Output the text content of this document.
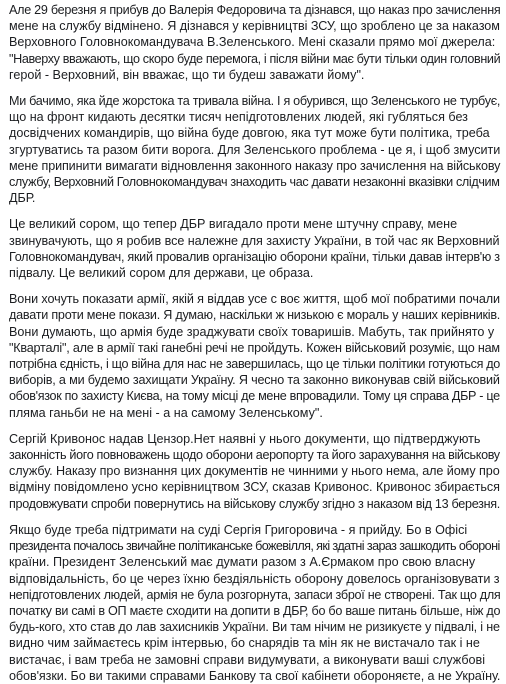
Але 29 березня я прибув до Валерія Федоровича та дізнався, що наказ про зачислення
мене на службу відмінено. Я дізнався у керівництві ЗСУ, що зроблено це за наказом
Верховного Головнокомандувача В.Зеленського. Мені сказали прямо мої джерела:
"Наверху вважають, що скоро буде перемога, і після війни має бути тільки один головний
герой - Верховний, він вважає, що ти будеш заважати йому".
Ми бачимо, яка йде жорстока та тривала війна. І я обурився, що Зеленського не турбує,
що на фронт кидають десятки тисяч непідготовлених людей, які губляться без
досвідчених командирів, що війна буде довгою, яка тут може бути політика, треба
згуртуватись та разом бити ворога. Для Зеленського проблема - це я, і щоб змусити
мене припинити вимагати відновлення законного наказу про зачислення на військову
службу, Верховний Головнокомандувач знаходить час давати незаконні вказівки слідчим
ДБР.
Це великий сором, що тепер ДБР вигадало проти мене штучну справу, мене
звинувачують, що я робив все належне для захисту України, в той час як Верховний
Головнокомандувач, який провалив організацію оборони країни, тільки давав інтерв'ю з
підвалу. Це великий сором для держави, це образа.
Вони хочуть показати армії, якій я віддав усе с воє життя, щоб мої побратими почали
давати проти мене покази. Я думаю, наскільки ж низькою є мораль у наших керівників.
Вони думають, що армія буде зраджувати своїх товаришів. Мабуть, так прийнято у
"Кварталі", але в армії такі ганебні речі не пройдуть. Кожен військовий розуміє, що нам
потрібна єдність, і що війна для нас не завершилась, що це тільки політики готуються до
виборів, а ми будемо захищати Україну. Я чесно та законно виконував свій військовий
обов'язок по захисту Києва, на тому місці де мене впровадили. Тому ця справа ДБР - це
пляма ганьби не на мені - а на самому Зеленському".
Сергій Кривонос надав Цензор.Нет наявні у нього документи, що підтверджують
законність його повноважень щодо оборони аеропорту та його зарахування на військову
службу. Наказу про визнання цих документів не чинними у нього нема, але йому про
відміну повідомлено усно керівництвом ЗСУ, сказав Кривонос. Кривонос збирається
продовжувати спроби повернутись на військову службу згідно з наказом від 13 березня.
Якщо буде треба підтримати на суді Сергія Григоровича - я прийду. Бо в Офісі
президента почалось звичайне політиканське божевілля, які здатні зараз зашкодить обороні
країни. Президент Зеленський має думати разом з А.Єрмаком про свою власну
відповідальність, бо це через їхню бездіяльність оборону довелось організовувати з
непідготовлених людей, армія не була розгорнута, запаси зброї не створені. Так що для
початку ви самі в ОП маєте сходити на допити в ДБР, бо бо ваше питань більше, ніж до
будь-кого, хто став до лав захисників України. Ви там нічим не ризикуєте у підвалі, і не
видно чим займаєтесь крім інтервью, бо снарядів та мін як не вистачало так і не
вистачає, і вам треба не замовні справи видумувати, а виконувати ваші службові
обов'язки. Бо ви такими справами Банкову та свої кабінети обороняєте, а не Україну.
